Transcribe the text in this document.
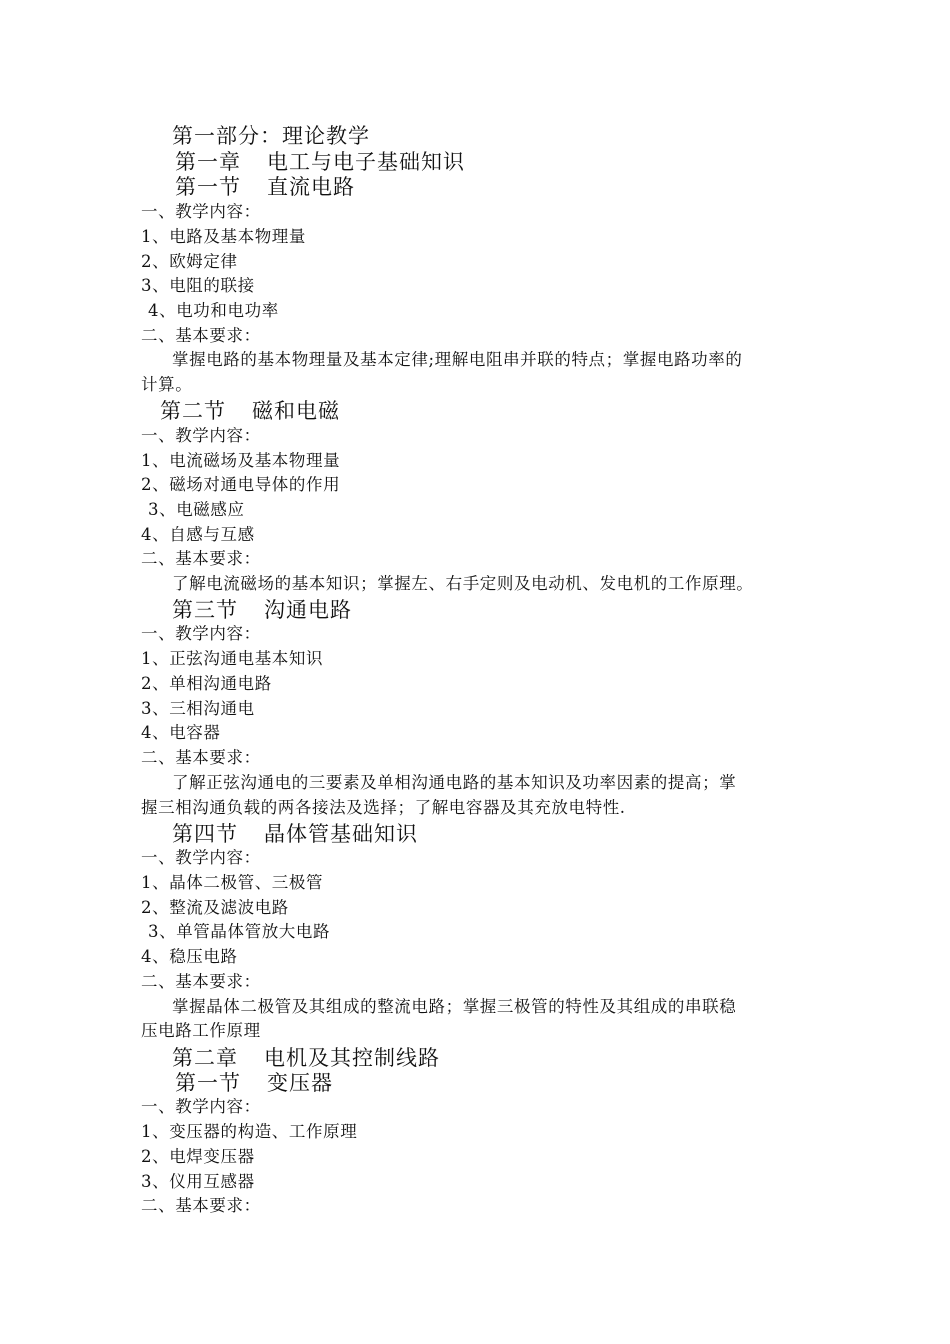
第一部分：理论教学
第一章 电工与电子基础知识
第一节 直流电路
一、教学内容：
1、电路及基本物理量
2、欧姆定律
3、电阻的联接
4、电功和电功率
二、基本要求：
掌握电路的基本物理量及基本定律;理解电阻串并联的特点；掌握电路功率的
计算。
第二节 磁和电磁
一、教学内容：
1、电流磁场及基本物理量
2、磁场对通电导体的作用
3、电磁感应
4、自感与互感
二、基本要求：
了解电流磁场的基本知识；掌握左、右手定则及电动机、发电机的工作原理。
第三节 沟通电路
一、教学内容：
1、正弦沟通电基本知识
2、单相沟通电路
3、三相沟通电
4、电容器
二、基本要求：
了解正弦沟通电的三要素及单相沟通电路的基本知识及功率因素的提高；掌
握三相沟通负载的两各接法及选择；了解电容器及其充放电特性.
第四节 晶体管基础知识
一、教学内容：
1、晶体二极管、三极管
2、整流及滤波电路
3、单管晶体管放大电路
4、稳压电路
二、基本要求：
掌握晶体二极管及其组成的整流电路；掌握三极管的特性及其组成的串联稳
压电路工作原理
第二章 电机及其控制线路
第一节 变压器
一、教学内容：
1、变压器的构造、工作原理
2、电焊变压器
3、仪用互感器
二、基本要求：
